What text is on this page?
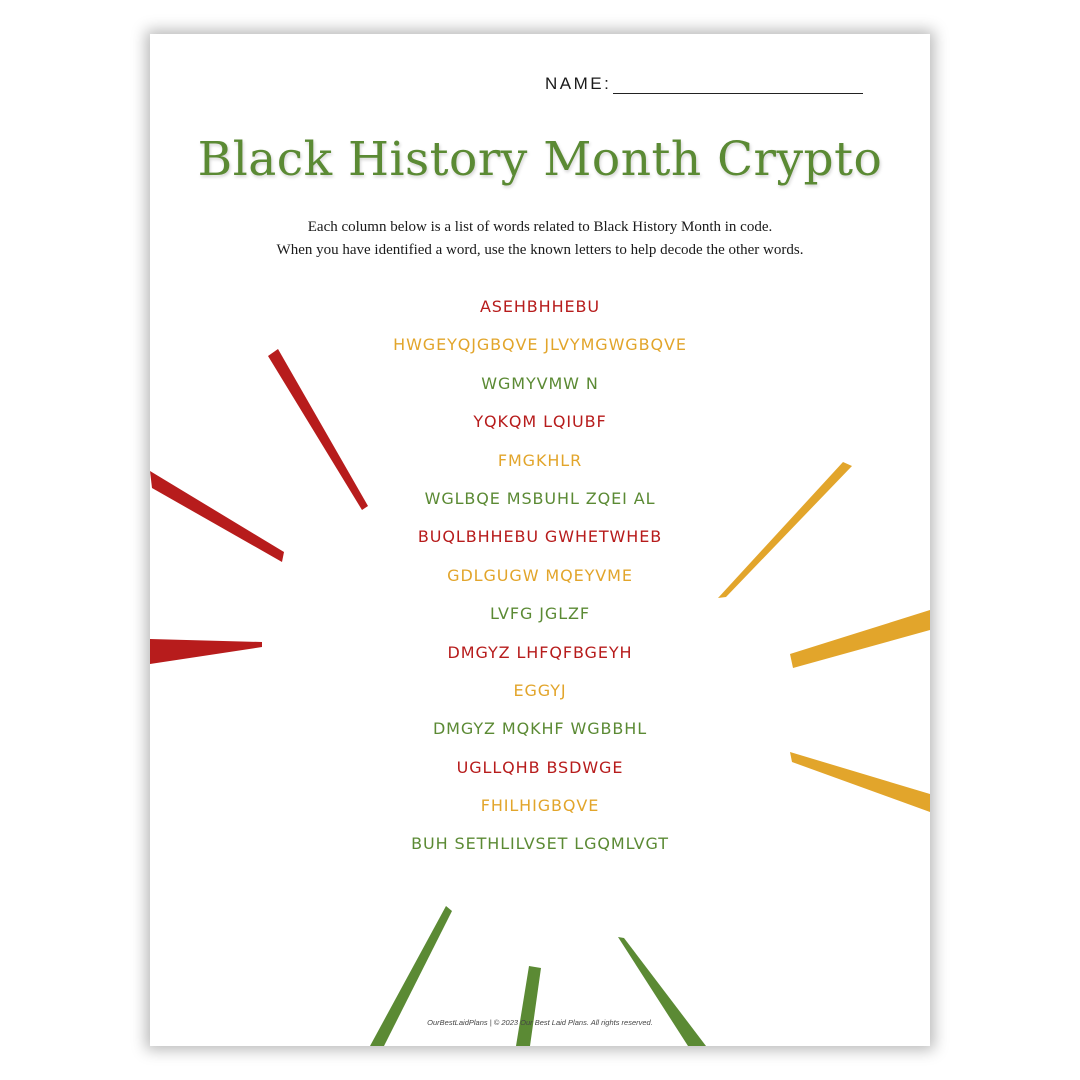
NAME:
Black History Month Crypto
Each column below is a list of words related to Black History Month in code.
When you have identified a word, use the known letters to help decode the other words.
ASEHBHHEBU
HWGEYQJGBQVE JLVYMGWGBQVE
WGMYVMW N
YQKQM LQIUBF
FMGKHLR
WGLBQE MSBUHL ZQEI AL
BUQLBHHEBU GWHETWHEB
GDLGUGW MQEYVME
LVFG JGLZF
DMGYZ LHFQFBGEYH
EGGYJ
DMGYZ MQKHF WGBBHL
UGLLQHB BSDWGE
FHILHIGBQVE
BUH SETHLILVSET LGQMLVGT
OurBestLaidPlans | © 2023 Our Best Laid Plans. All rights reserved.
